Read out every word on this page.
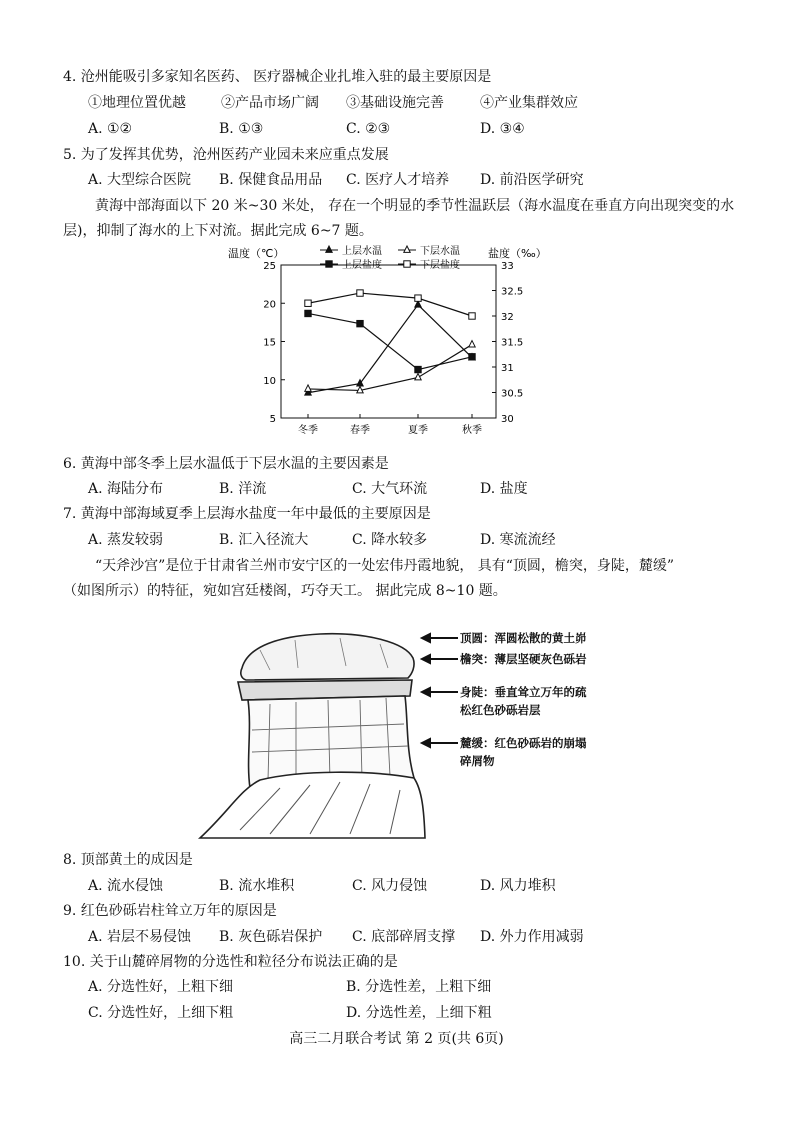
4. 沧州能吸引多家知名医药、 医疗器械企业扎堆入驻的最主要原因是
①地理位置优越	②产品市场广阔 ③基础设施完善	④产业集群效应
A. ①②	B. ①③	C. ②③	D. ③④
5. 为了发挥其优势，沧州医药产业园未来应重点发展
A. 大型综合医院 B. 保健食品用品 C. 医疗人才培养 D. 前沿医学研究
黄海中部海面以下 20 米~30 米处， 存在一个明显的季节性温跃层（海水温度在垂直方向出现突变的水
层)，抑制了海水的上下对流。据此完成 6~7 题。
温度（℃）	盐度（‰）
25
20
15
10
5
33
32.5
32
31.5
31
30.5
30
冬季	春季	夏季	秋季
上层水温	下层水温
上层盐度	下层盐度
6. 黄海中部冬季上层水温低于下层水温的主要因素是
A. 海陆分布	B. 洋流	C. 大气环流	D. 盐度
7. 黄海中部海域夏季上层海水盐度一年中最低的主要原因是
A. 蒸发较弱	B. 汇入径流大	C. 降水较多	D. 寒流流经
“天斧沙宫”是位于甘肃省兰州市安宁区的一处宏伟丹霞地貌， 具有“顶圆，檐突，身陡，麓缓”
（如图所示）的特征，宛如宫廷楼阁，巧夺天工。 据此完成 8~10 题。
顶圆：浑圆松散的黄土峁
檐突：薄层坚硬灰色砾岩
身陡：垂直耸立万年的疏
松红色砂砾岩层
麓缓：红色砂砾岩的崩塌
碎屑物
8. 顶部黄土的成因是
A. 流水侵蚀	B. 流水堆积	C. 风力侵蚀	D. 风力堆积
9. 红色砂砾岩柱耸立万年的原因是
A. 岩层不易侵蚀 B. 灰色砾岩保护 C. 底部碎屑支撑 D. 外力作用减弱
10. 关于山麓碎屑物的分选性和粒径分布说法正确的是
A. 分选性好，上粗下细	B. 分选性差，上粗下细
C. 分选性好，上细下粗	D. 分选性差，上细下粗
高三二月联合考试 第 2 页(共 6页)
